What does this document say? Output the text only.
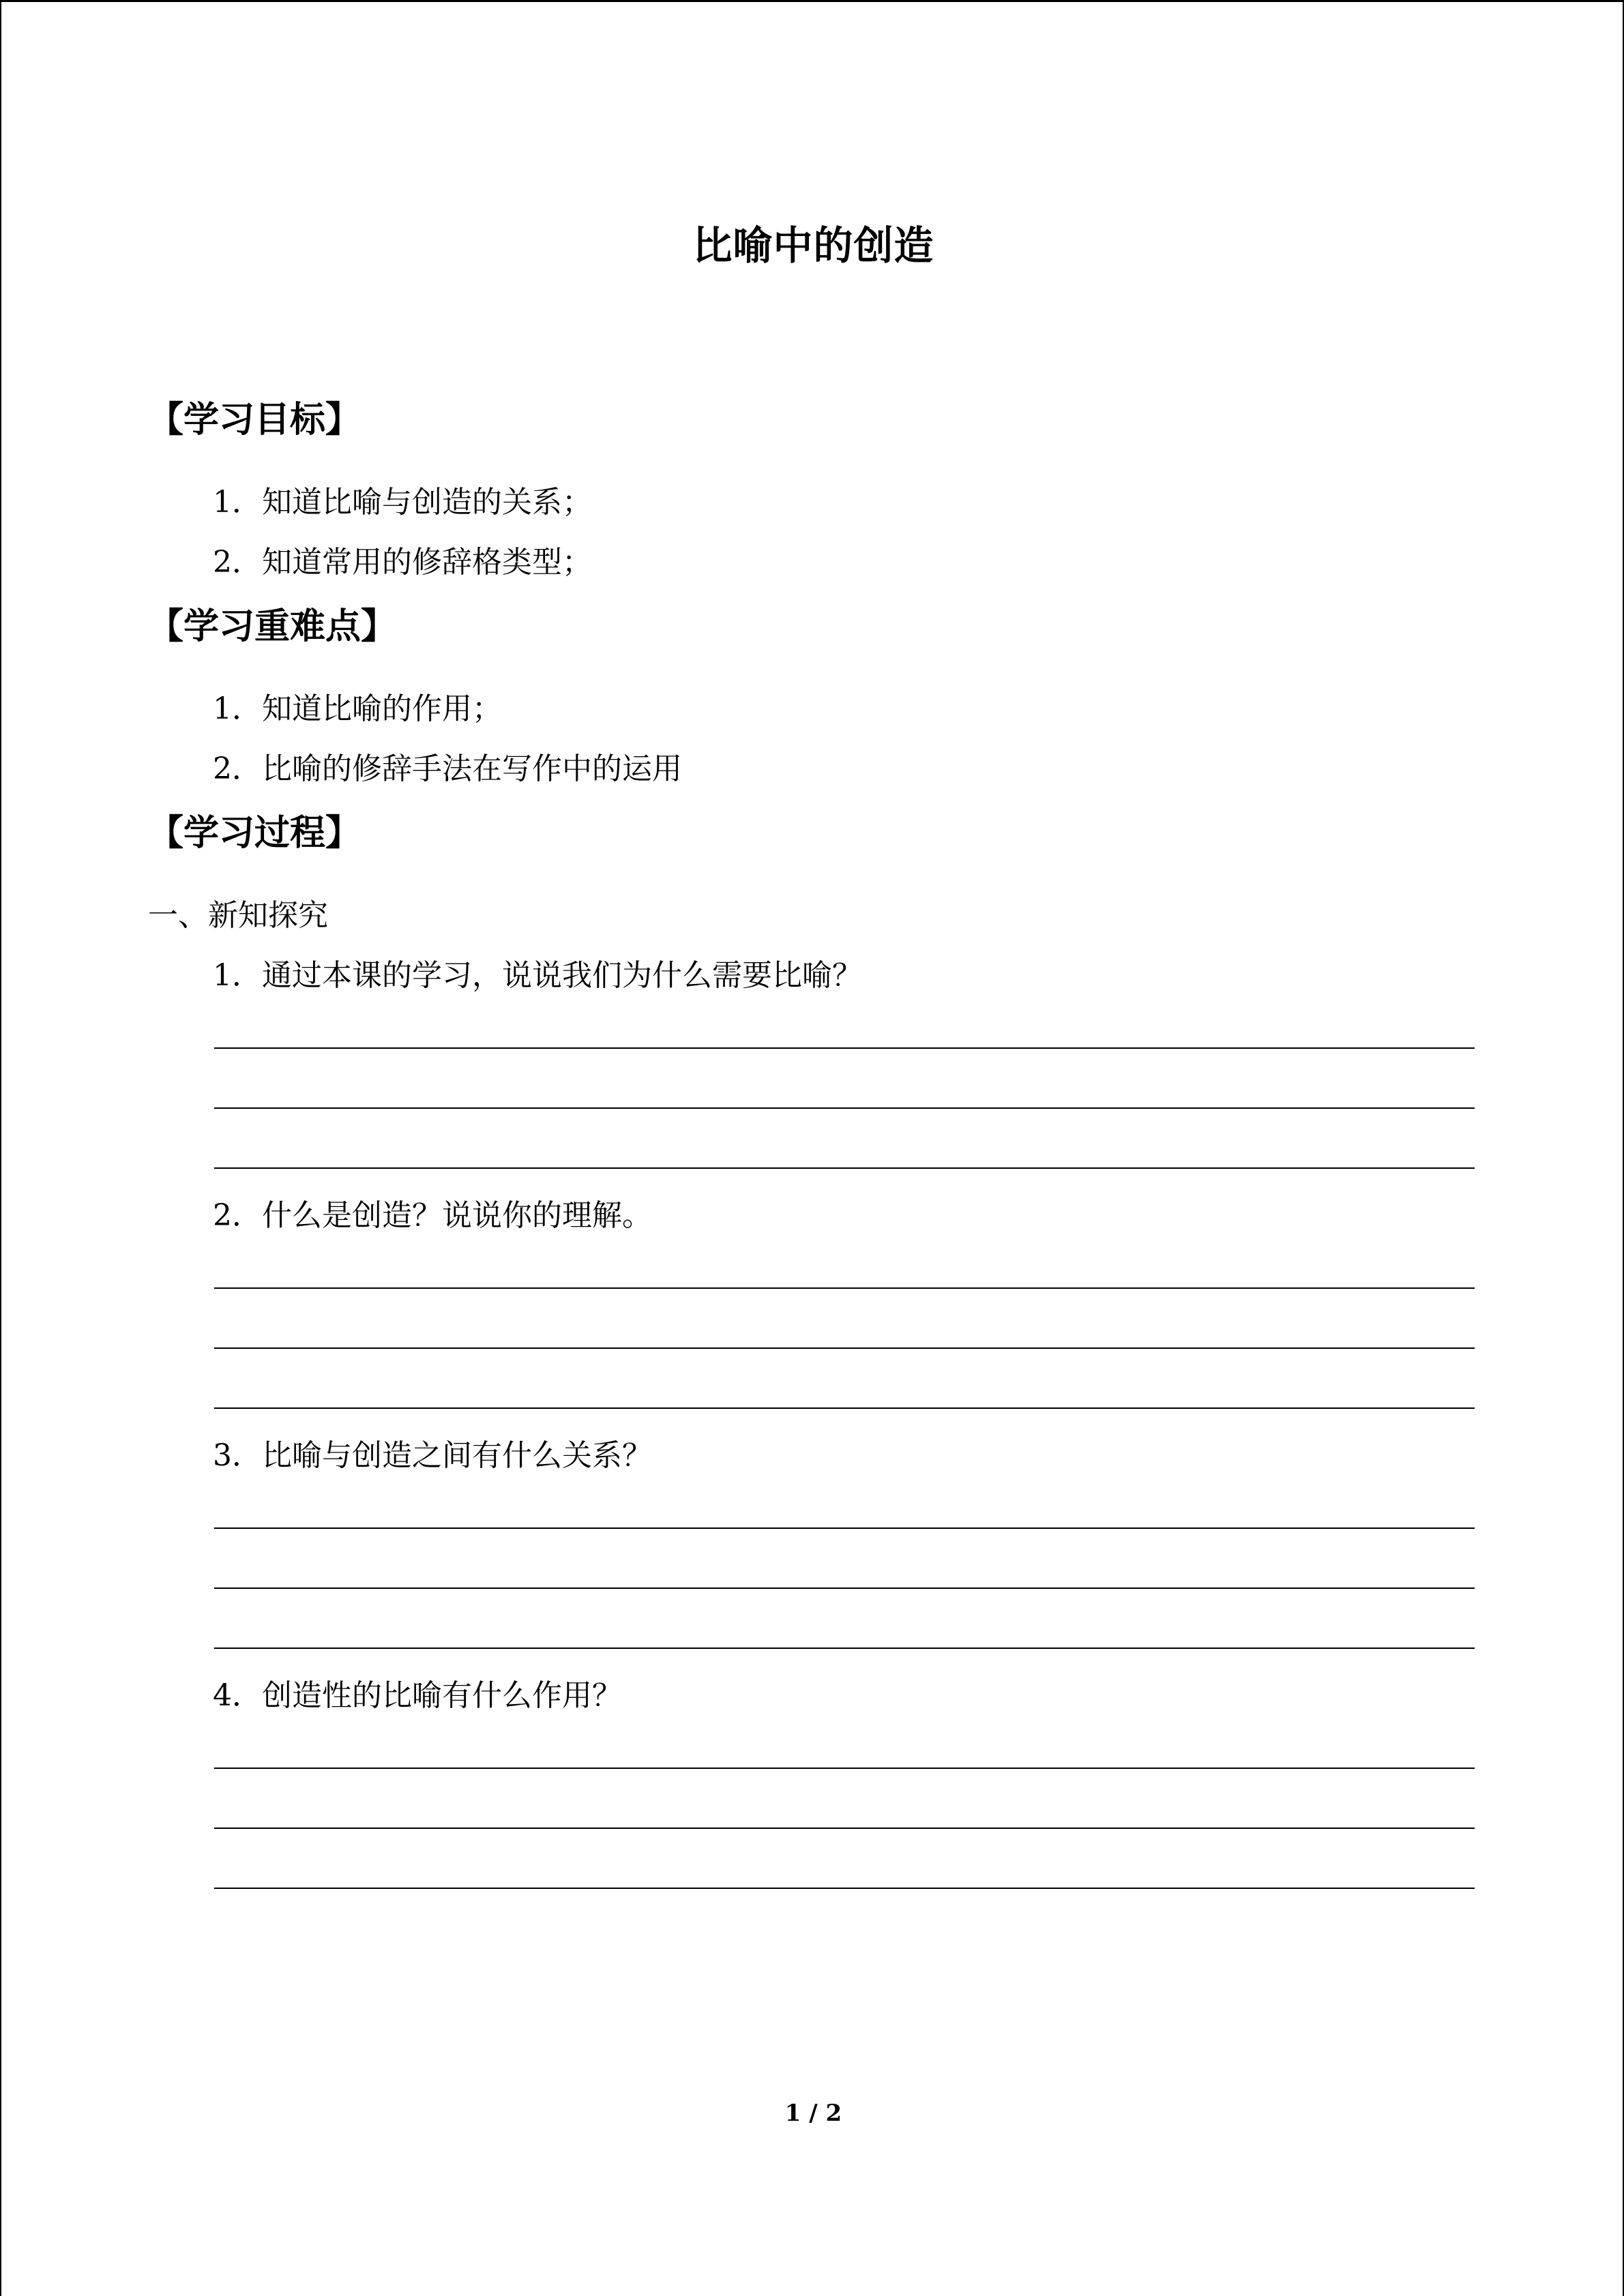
比喻中的创造
【学习目标】
1．知道比喻与创造的关系；
2．知道常用的修辞格类型；
【学习重难点】
1．知道比喻的作用；
2．比喻的修辞手法在写作中的运用
【学习过程】
一、新知探究
1．通过本课的学习，说说我们为什么需要比喻？
2．什么是创造？说说你的理解。
3．比喻与创造之间有什么关系？
4．创造性的比喻有什么作用？
1 / 2
